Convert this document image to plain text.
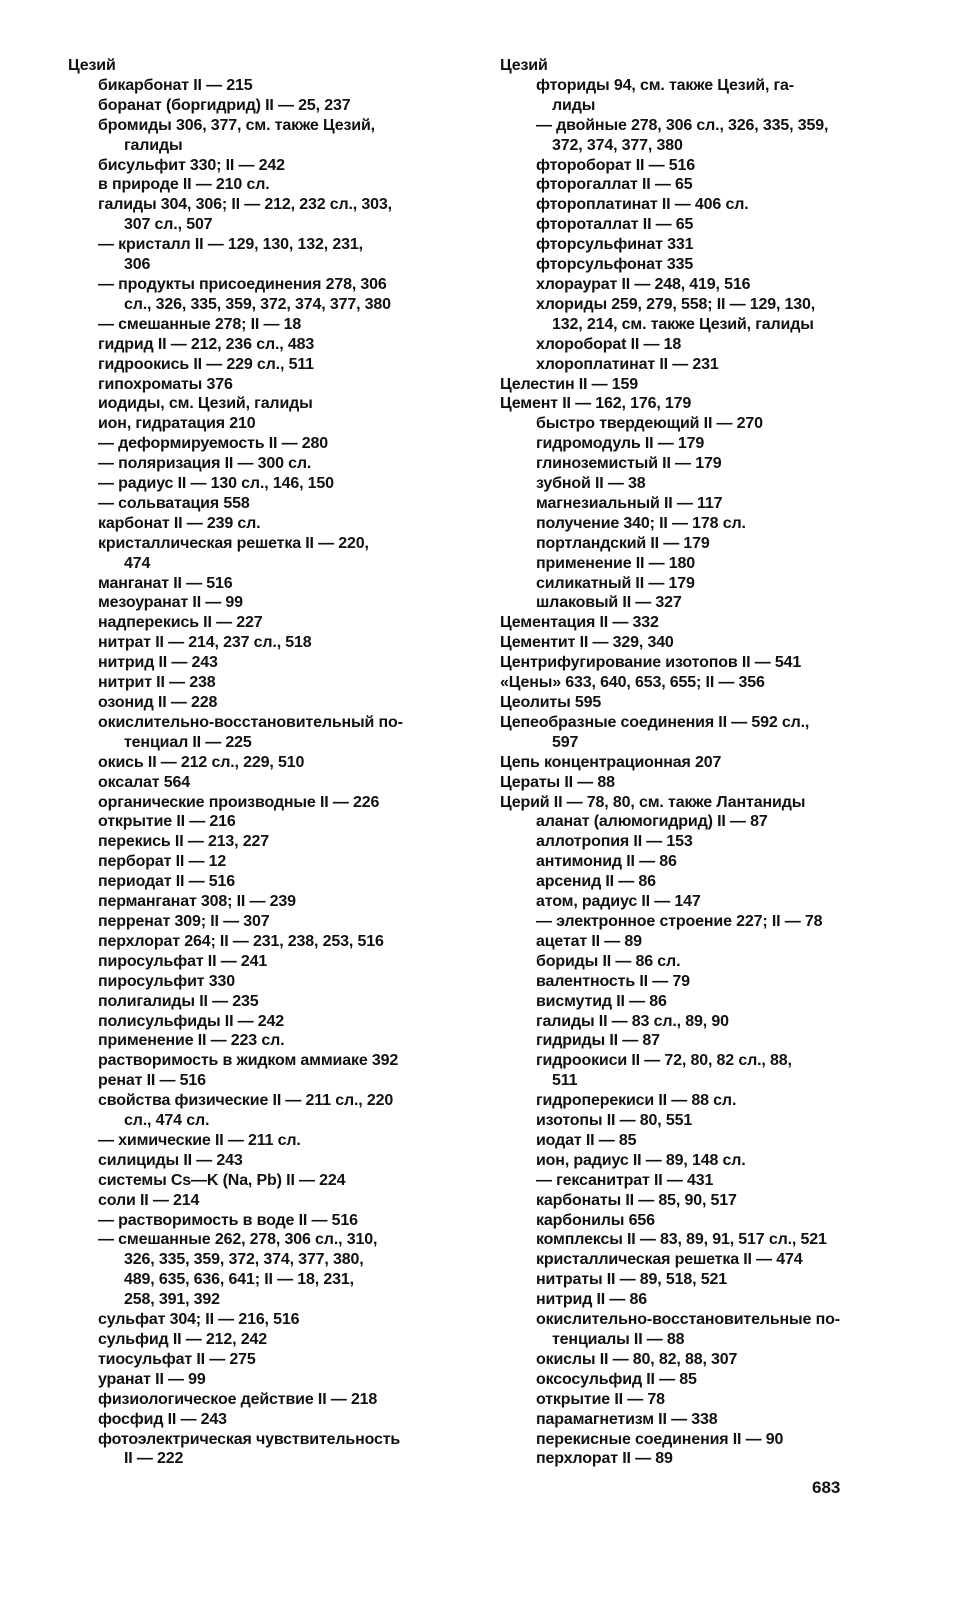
Цезий
бикарбонат II — 215
боранат (боргидрид) II — 25, 237
бромиды 306, 377, см. также Цезий,
галиды
бисульфит 330; II — 242
в природе II — 210 сл.
галиды 304, 306; II — 212, 232 сл., 303,
307 сл., 507
— кристалл II — 129, 130, 132, 231,
306
— продукты присоединения 278, 306
сл., 326, 335, 359, 372, 374, 377, 380
— смешанные 278; II — 18
гидрид II — 212, 236 сл., 483
гидроокись II — 229 сл., 511
гипохроматы 376
иодиды, см. Цезий, галиды
ион, гидратация 210
— деформируемость II — 280
— поляризация II — 300 сл.
— радиус II — 130 сл., 146, 150
— сольватация 558
карбонат II — 239 сл.
кристаллическая решетка II — 220,
474
манганат II — 516
мезоуранат II — 99
надперекись II — 227
нитрат II — 214, 237 сл., 518
нитрид II — 243
нитрит II — 238
озонид II — 228
окислительно-восстановительный по-
тенциал II — 225
окись II — 212 сл., 229, 510
оксалат 564
органические производные II — 226
открытие II — 216
перекись II — 213, 227
перборат II — 12
периодат II — 516
перманганат 308; II — 239
перренат 309; II — 307
перхлорат 264; II — 231, 238, 253, 516
пиросульфат II — 241
пиросульфит 330
полигалиды II — 235
полисульфиды II — 242
применение II — 223 сл.
растворимость в жидком аммиаке 392
ренат II — 516
свойства физические II — 211 сл., 220
сл., 474 сл.
— химические II — 211 сл.
силициды II — 243
системы Cs—K (Na, Pb) II — 224
соли II — 214
— растворимость в воде II — 516
— смешанные 262, 278, 306 сл., 310,
326, 335, 359, 372, 374, 377, 380,
489, 635, 636, 641; II — 18, 231,
258, 391, 392
сульфат 304; II — 216, 516
сульфид II — 212, 242
тиосульфат II — 275
уранат II — 99
физиологическое действие II — 218
фосфид II — 243
фотоэлектрическая чувствительность
II — 222
Цезий
фториды 94, см. также Цезий, га-
лиды
— двойные 278, 306 сл., 326, 335, 359,
372, 374, 377, 380
фтороборат II — 516
фторогаллат II — 65
фтороплатинат II — 406 сл.
фтороталлат II — 65
фторсульфинат 331
фторсульфонат 335
хлораурат II — 248, 419, 516
хлориды 259, 279, 558; II — 129, 130,
132, 214, см. также Цезий, галиды
хлоробораt II — 18
хлороплатинат II — 231
Целестин II — 159
Цемент II — 162, 176, 179
быстро твердеющий II — 270
гидромодуль II — 179
глиноземистый II — 179
зубной II — 38
магнезиальный II — 117
получение 340; II — 178 сл.
портландский II — 179
применение II — 180
силикатный II — 179
шлаковый II — 327
Цементация II — 332
Цементит II — 329, 340
Центрифугирование изотопов II — 541
«Цены» 633, 640, 653, 655; II — 356
Цеолиты 595
Цепеобразные соединения II — 592 сл.,
597
Цепь концентрационная 207
Цераты II — 88
Церий II — 78, 80, см. также Лантаниды
аланат (алюмогидрид) II — 87
аллотропия II — 153
антимонид II — 86
арсенид II — 86
атом, радиус II — 147
— электронное строение 227; II — 78
ацетат II — 89
бориды II — 86 сл.
валентность II — 79
висмутид II — 86
галиды II — 83 сл., 89, 90
гидриды II — 87
гидроокиси II — 72, 80, 82 сл., 88,
511
гидроперекиси II — 88 сл.
изотопы II — 80, 551
иодат II — 85
ион, радиус II — 89, 148 сл.
— гексанитрат II — 431
карбонаты II — 85, 90, 517
карбонилы 656
комплексы II — 83, 89, 91, 517 сл., 521
кристаллическая решетка II — 474
нитраты II — 89, 518, 521
нитрид II — 86
окислительно-восстановительные по-
тенциалы II — 88
окислы II — 80, 82, 88, 307
оксосульфид II — 85
открытие II — 78
парамагнетизм II — 338
перекисные соединения II — 90
перхлорат II — 89
683
